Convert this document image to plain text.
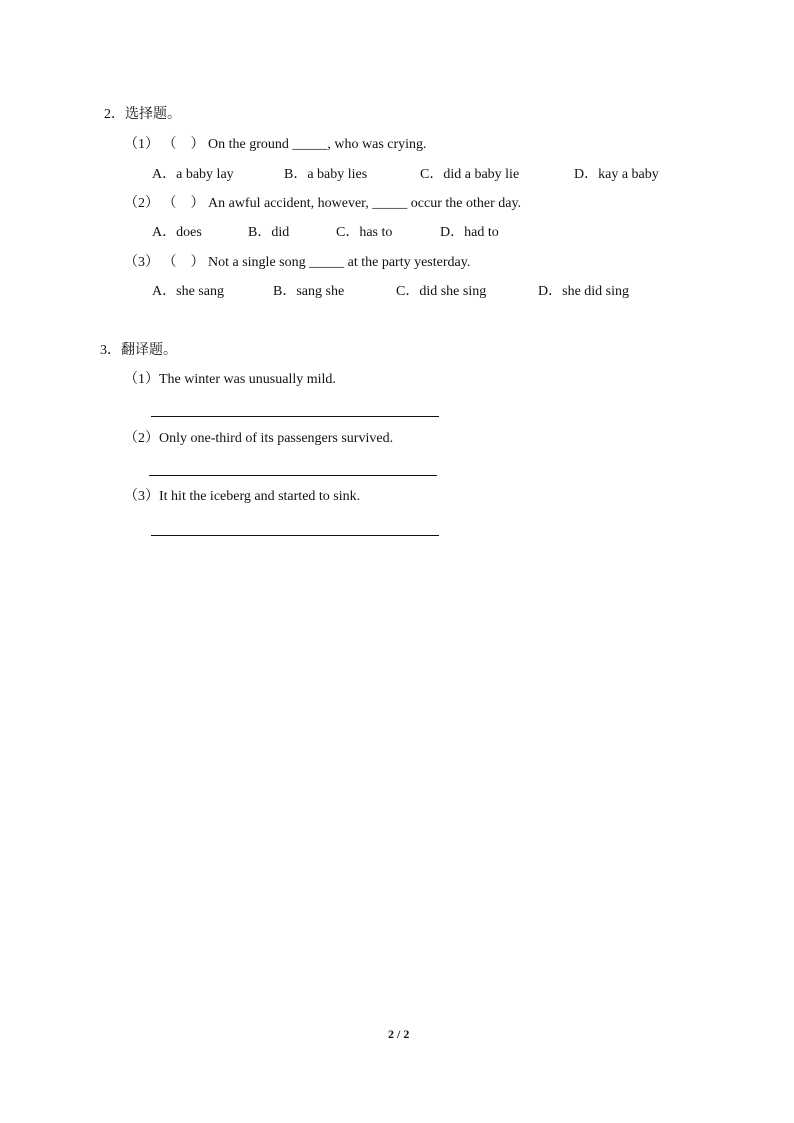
2．选择题。
（1） （　） On the ground _____, who was crying.
A．a baby lay	B．a baby lies	C．did a baby lie	D．kay a baby
（2） （　） An awful accident, however, _____ occur the other day.
A．does	B．did	C．has to	D．had to
（3） （　） Not a single song _____ at the party yesterday.
A．she sang	B．sang she	C．did she sing	D．she did sing
3．翻译题。
（1）The winter was unusually mild.
（2）Only one-third of its passengers survived.
（3）It hit the iceberg and started to sink.
2 / 2
